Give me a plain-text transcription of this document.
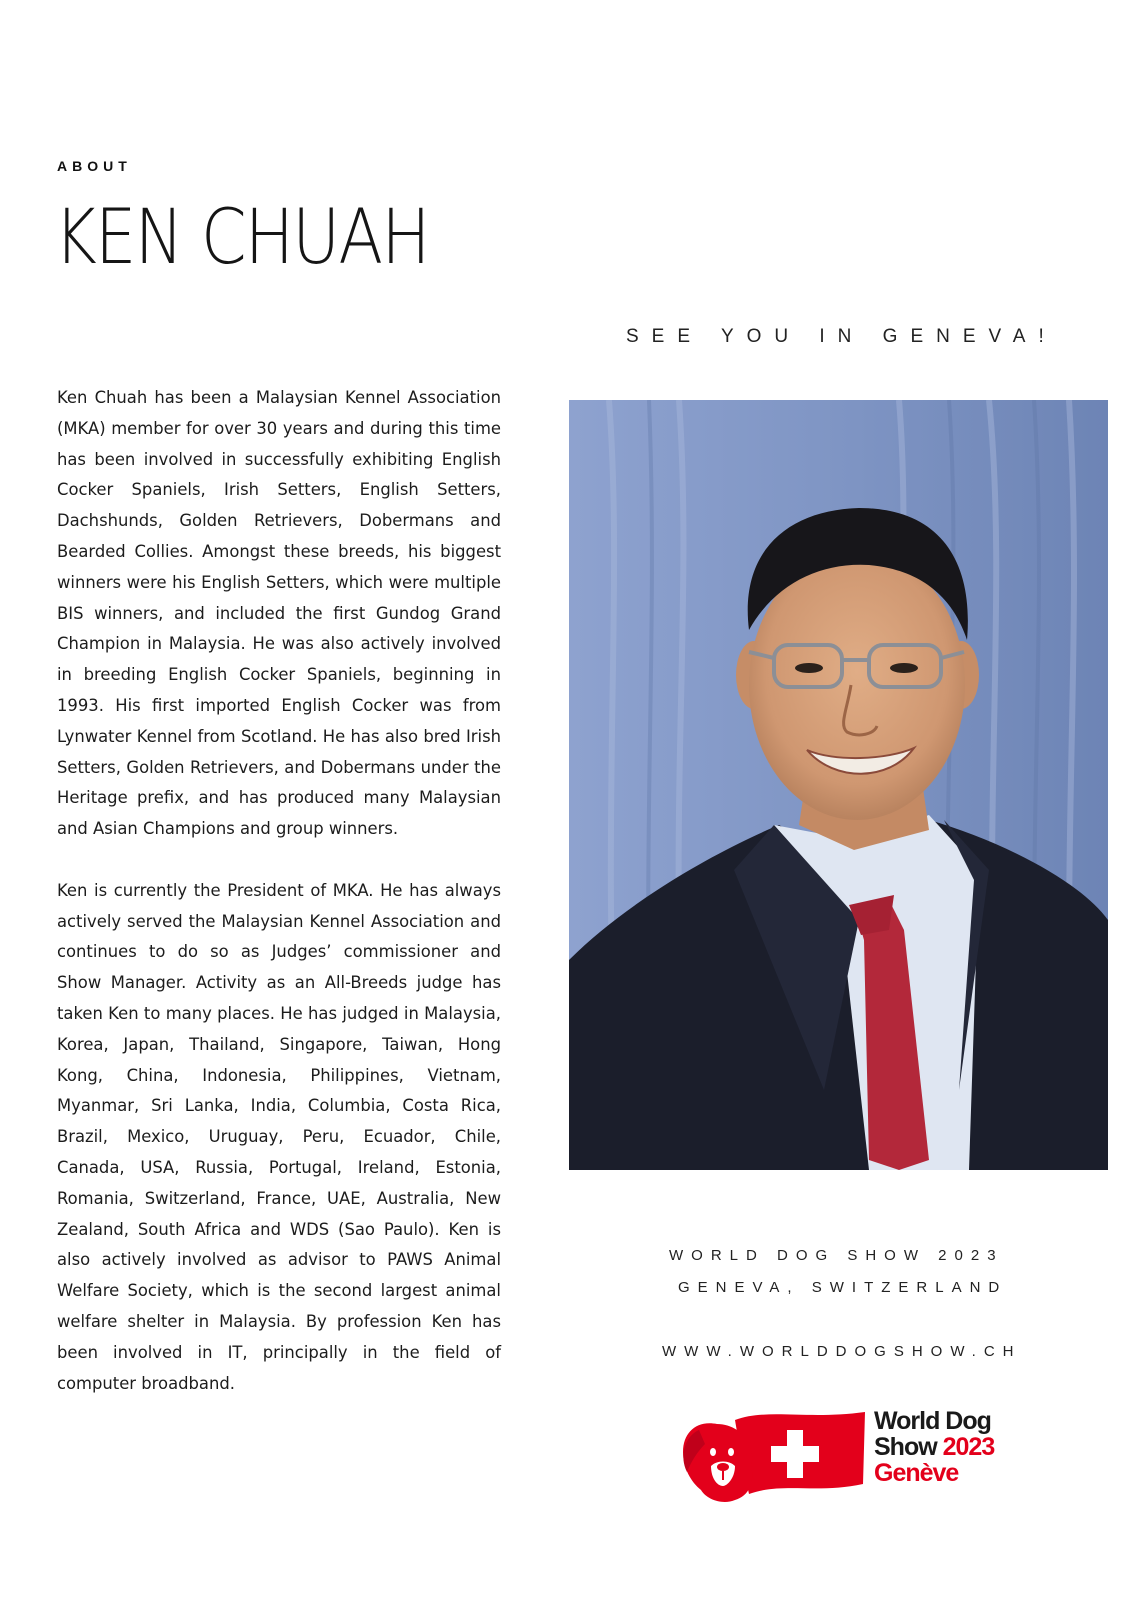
ABOUT
KEN CHUAH
SEE YOU IN GENEVA!

Ken Chuah has been a Malaysian Kennel Association (MKA) member for over 30 years and during this time has been involved in successfully exhibiting English Cocker Spaniels, Irish Setters, English Setters, Dachshunds, Golden Retrievers, Dobermans and Bearded Collies. Amongst these breeds, his biggest winners were his English Setters, which were multiple BIS winners, and included the first Gundog Grand Champion in Malaysia. He was also actively involved in breeding English Cocker Spaniels, beginning in 1993. His first imported English Cocker was from Lynwater Kennel from Scotland. He has also bred Irish Setters, Golden Retrievers, and Dobermans under the Heritage prefix, and has produced many Malaysian and Asian Champions and group winners.

Ken is currently the President of MKA. He has always actively served the Malaysian Kennel Association and continues to do so as Judges’ commissioner and Show Manager. Activity as an All-Breeds judge has taken Ken to many places. He has judged in Malaysia, Korea, Japan, Thailand, Singapore, Taiwan, Hong Kong, China, Indonesia, Philippines, Vietnam, Myanmar, Sri Lanka, India, Columbia, Costa Rica, Brazil, Mexico, Uruguay, Peru, Ecuador, Chile, Canada, USA, Russia, Portugal, Ireland, Estonia, Romania, Switzerland, France, UAE, Australia, New Zealand, South Africa and WDS (Sao Paulo). Ken is also actively involved as advisor to PAWS Animal Welfare Society, which is the second largest animal welfare shelter in Malaysia. By profession Ken has been involved in IT, principally in the field of computer broadband.

WORLD DOG SHOW 2023
GENEVA, SWITZERLAND
WWW.WORLDDOGSHOW.CH
World Dog
Show 2023
Genève
